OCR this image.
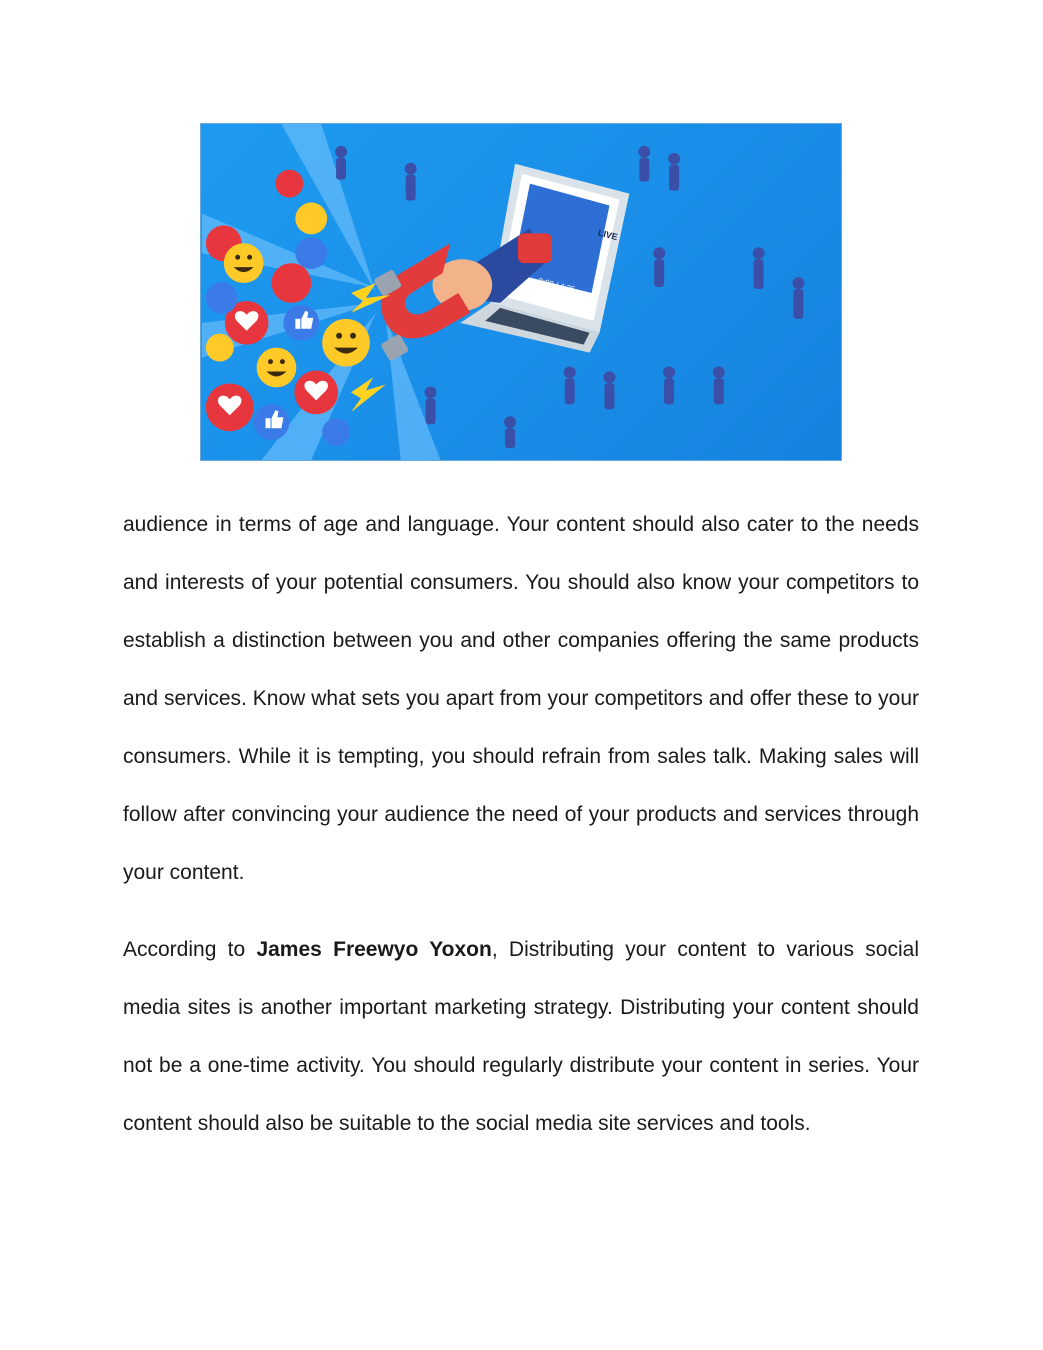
LIVE
0:00 / 4:25

audience in terms of age and language. Your content should also cater to the needs and interests of your potential consumers. You should also know your competitors to establish a distinction between you and other companies offering the same products and services. Know what sets you apart from your competitors and offer these to your consumers. While it is tempting, you should refrain from sales talk. Making sales will follow after convincing your audience the need of your products and services through your content.

According to James Freewyo Yoxon, Distributing your content to various social media sites is another important marketing strategy. Distributing your content should not be a one-time activity. You should regularly distribute your content in series. Your content should also be suitable to the social media site services and tools.
